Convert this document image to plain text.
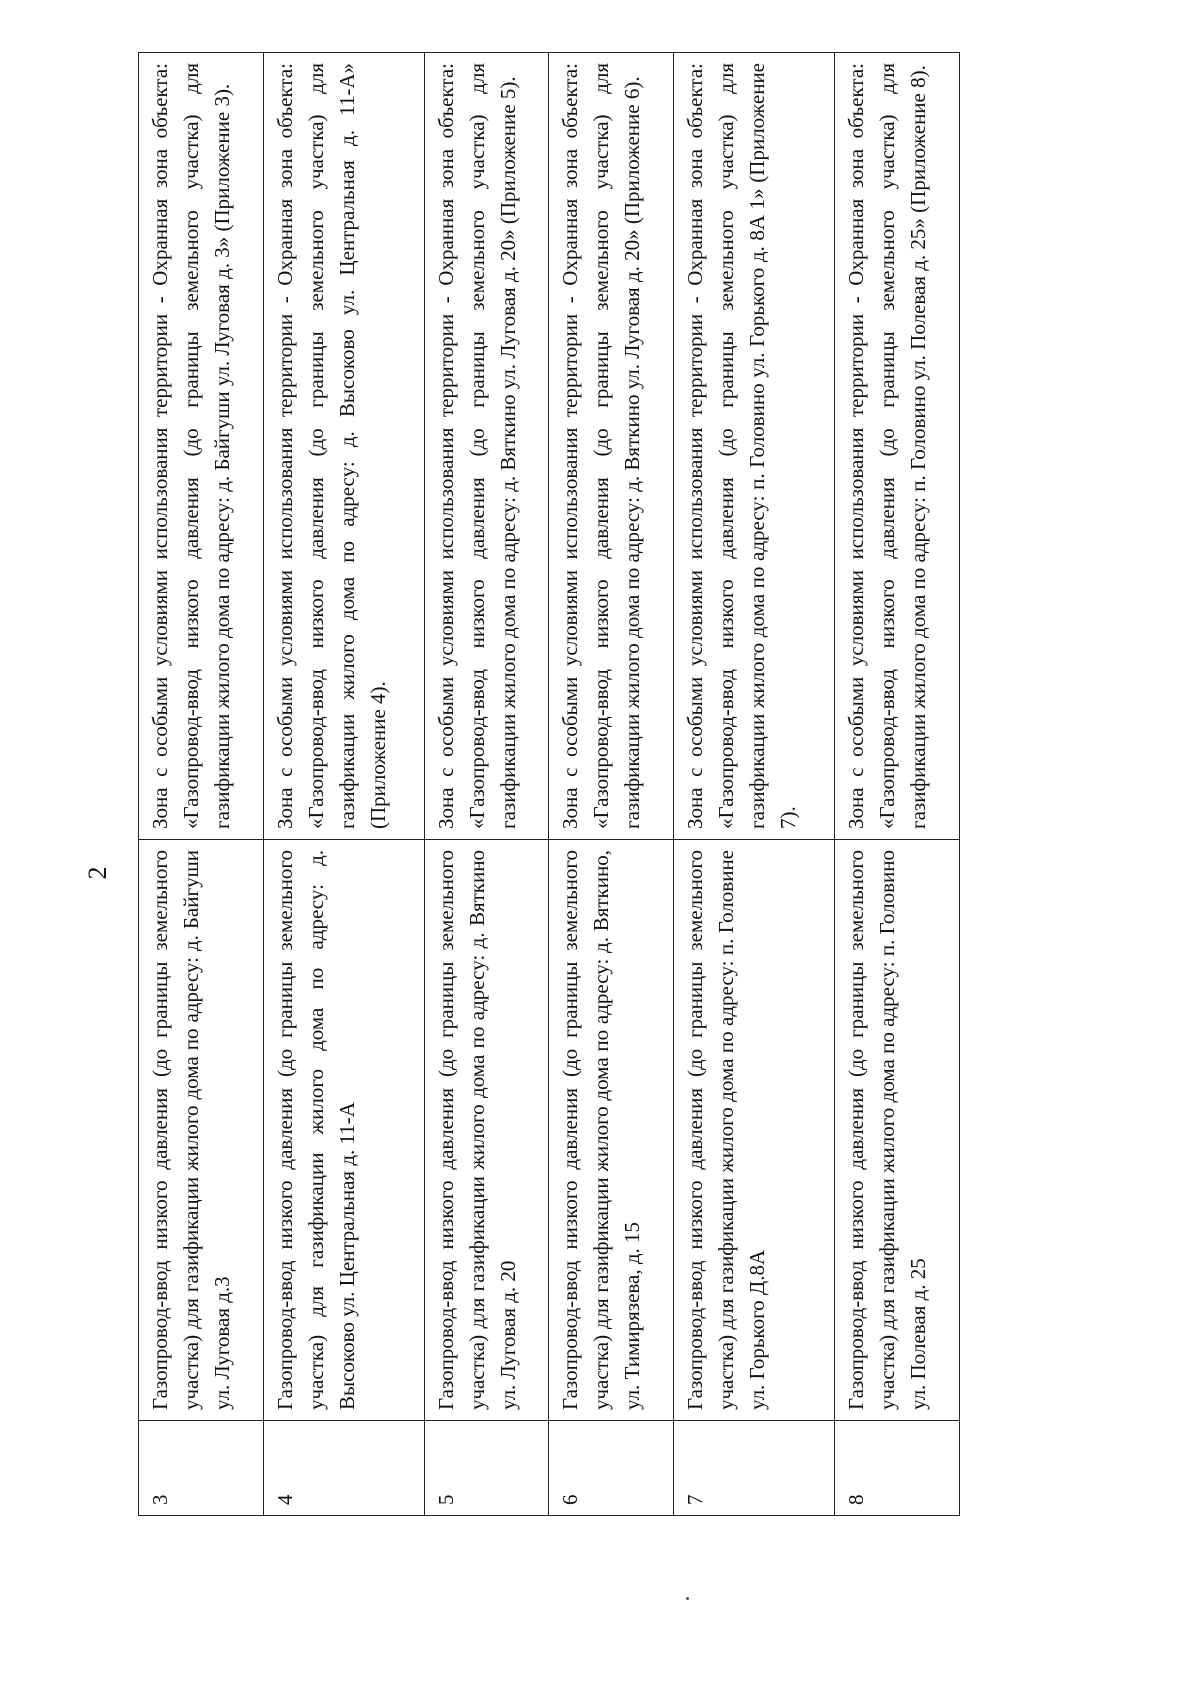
2
3	Газопровод-ввод низкого давления (до границы земельного участка) для газификации жилого дома по адресу: д. Байгуши ул. Луговая д.3	Зона с особыми условиями использования территории - Охранная зона объекта: «Газопровод-ввод низкого давления (до границы земельного участка) для газификации жилого дома по адресу: д. Байгуши ул. Луговая д. 3» (Приложение 3).
4	Газопровод-ввод низкого давления (до границы земельного участка) для газификации жилого дома по адресу: д. Высоково ул. Центральная д. 11-А	Зона с особыми условиями использования территории - Охранная зона объекта: «Газопровод-ввод низкого давления (до границы земельного участка) для газификации жилого дома по адресу: д. Высоково ул. Центральная д. 11-А» (Приложение 4).
5	Газопровод-ввод низкого давления (до границы земельного участка) для газификации жилого дома по адресу: д. Вяткино ул. Луговая д. 20	Зона с особыми условиями использования территории - Охранная зона объекта: «Газопровод-ввод низкого давления (до границы земельного участка) для газификации жилого дома по адресу: д. Вяткино ул. Луговая д. 20» (Приложение 5).
6	Газопровод-ввод низкого давления (до границы земельного участка) для газификации жилого дома по адресу: д. Вяткино, ул. Тимирязева, д. 15	Зона с особыми условиями использования территории - Охранная зона объекта: «Газопровод-ввод низкого давления (до границы земельного участка) для газификации жилого дома по адресу: д. Вяткино ул. Луговая д. 20» (Приложение 6).
7	Газопровод-ввод низкого давления (до границы земельного участка) для газификации жилого дома по адресу: п. Головине ул. Горького Д.8А	Зона с особыми условиями использования территории - Охранная зона объекта: «Газопровод-ввод низкого давления (до границы земельного участка) для газификации жилого дома по адресу: п. Головино ул. Горького д. 8А 1» (Приложение 7).
8	Газопровод-ввод низкого давления (до границы земельного участка) для газификации жилого дома по адресу: п. Головино ул. Полевая д. 25	Зона с особыми условиями использования территории - Охранная зона объекта: «Газопровод-ввод низкого давления (до границы земельного участка) для газификации жилого дома по адресу: п. Головино ул. Полевая д. 25» (Приложение 8).
